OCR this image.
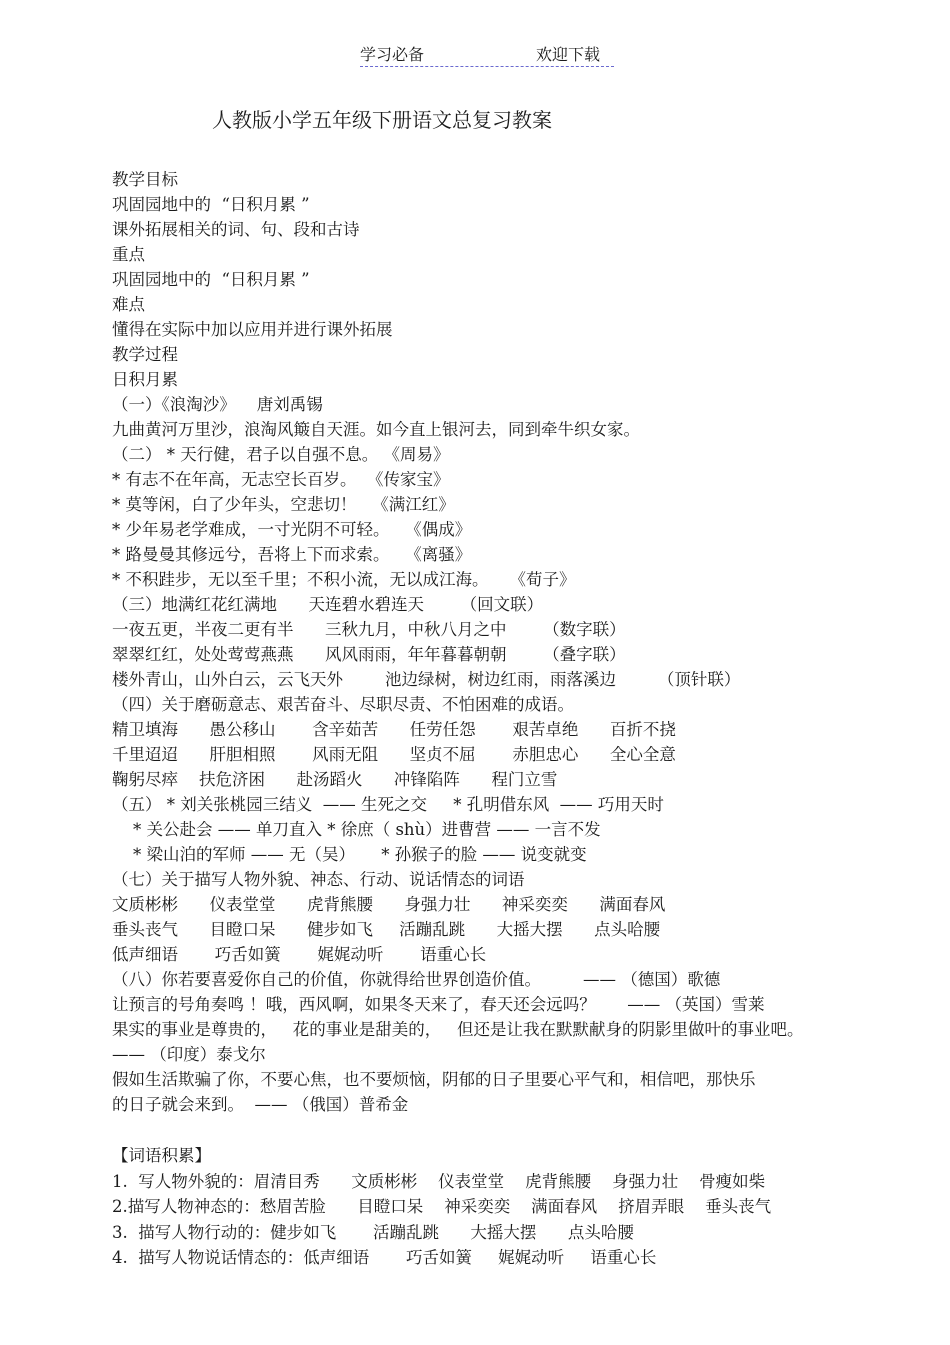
学习必备	欢迎下载
人教版小学五年级下册语文总复习教案
教学目标
巩固园地中的  “日积月累 ”
课外拓展相关的词、句、段和古诗
重点
巩固园地中的  “日积月累 ”
难点
懂得在实际中加以应用并进行课外拓展
教学过程
日积月累
（一）《浪淘沙》    唐刘禹锡
九曲黄河万里沙，浪淘风簸自天涯。如今直上银河去，同到牵牛织女家。
（二） * 天行健，君子以自强不息。 《周易》
* 有志不在年高，无志空长百岁。  《传家宝》
* 莫等闲，白了少年头，空悲切！   《满江红》
* 少年易老学难成，一寸光阴不可轻。   《偶成》
* 路曼曼其修远兮，吾将上下而求索。   《离骚》
* 不积跬步，无以至千里；不积小流，无以成江海。    《荀子》
（三）地满红花红满地      天连碧水碧连天       （回文联）
一夜五更，半夜二更有半      三秋九月，中秋八月之中       （数字联）
翠翠红红，处处莺莺燕燕      风风雨雨，年年暮暮朝朝       （叠字联）
楼外青山，山外白云，云飞天外        池边绿树，树边红雨，雨落溪边        （顶针联）
（四）关于磨砺意志、艰苦奋斗、尽职尽责、不怕困难的成语。
精卫填海      愚公移山       含辛茹苦      任劳任怨       艰苦卓绝      百折不挠
千里迢迢      肝胆相照       风雨无阻      坚贞不屈       赤胆忠心      全心全意
鞠躬尽瘁    扶危济困      赴汤蹈火      冲锋陷阵      程门立雪
（五） * 刘关张桃园三结义  —— 生死之交     * 孔明借东风  —— 巧用天时
* 关公赴会 —— 单刀直入 * 徐庶（ shù）进曹营 —— 一言不发
* 梁山泊的军师 —— 无（吴）     * 孙猴子的脸 —— 说变就变
（七）关于描写人物外貌、神态、行动、说话情态的词语
文质彬彬      仪表堂堂      虎背熊腰      身强力壮      神采奕奕      满面春风
垂头丧气      目瞪口呆      健步如飞     活蹦乱跳      大摇大摆      点头哈腰
低声细语       巧舌如簧       娓娓动听       语重心长
（八）你若要喜爱你自己的价值，你就得给世界创造价值。        —— （德国）歌德
让预言的号角奏鸣 ！哦，西风啊，如果冬天来了，春天还会远吗？      —— （英国）雪莱
果实的事业是尊贵的，   花的事业是甜美的，   但还是让我在默默献身的阴影里做叶的事业吧。
—— （印度）泰戈尔
假如生活欺骗了你，不要心焦，也不要烦恼，阴郁的日子里要心平气和，相信吧，那快乐
的日子就会来到。  —— （俄国）普希金
【词语积累】
1.  写人物外貌的：眉清目秀      文质彬彬    仪表堂堂    虎背熊腰    身强力壮    骨瘦如柴
2.描写人物神态的：愁眉苦脸      目瞪口呆    神采奕奕    满面春风    挤眉弄眼    垂头丧气
3.  描写人物行动的：健步如飞       活蹦乱跳      大摇大摆      点头哈腰
4.  描写人物说话情态的：低声细语       巧舌如簧     娓娓动听     语重心长
